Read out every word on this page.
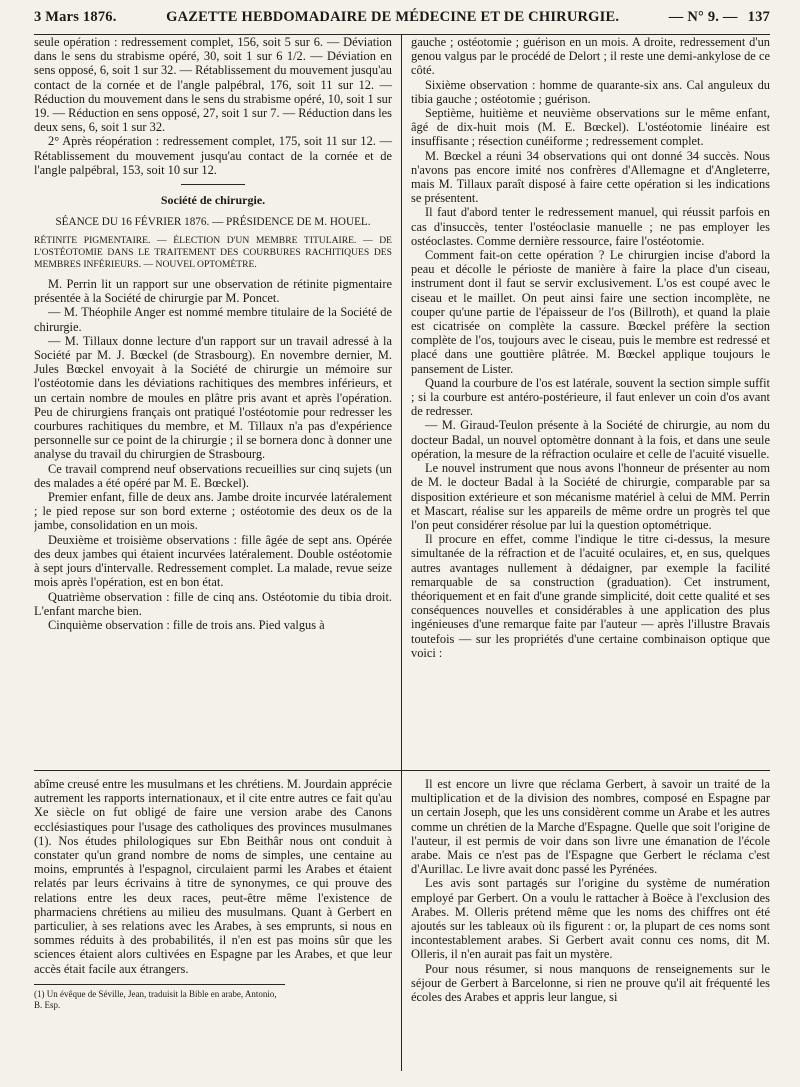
3 Mars 1876.	GAZETTE HEBDOMADAIRE DE MÉDECINE ET DE CHIRURGIE.	— N° 9. — 137

seule opération : redressement complet, 156, soit 5 sur 6. — Déviation dans le sens du strabisme opéré, 30, soit 1 sur 6 1/2. — Déviation en sens opposé, 6, soit 1 sur 32. — Rétablissement du mouvement jusqu'au contact de la cornée et de l'angle palpébral, 176, soit 11 sur 12. — Réduction du mouvement dans le sens du strabisme opéré, 10, soit 1 sur 19. — Réduction en sens opposé, 27, soit 1 sur 7. — Réduction dans les deux sens, 6, soit 1 sur 32.

2° Après réopération : redressement complet, 175, soit 11 sur 12. — Rétablissement du mouvement jusqu'au contact de la cornée et de l'angle palpébral, 153, soit 10 sur 12.

Société de chirurgie.
SÉANCE DU 16 FÉVRIER 1876. — PRÉSIDENCE DE M. HOUEL.
RÉTINITE PIGMENTAIRE. — ÉLECTION D'UN MEMBRE TITULAIRE. — DE L'OSTÉOTOMIE DANS LE TRAITEMENT DES COURBURES RACHITIQUES DES MEMBRES INFÉRIEURS. — NOUVEL OPTOMÈTRE.

M. Perrin lit un rapport sur une observation de rétinite pigmentaire présentée à la Société de chirurgie par M. Poncet.

— M. Théophile Anger est nommé membre titulaire de la Société de chirurgie.

— M. Tillaux donne lecture d'un rapport sur un travail adressé à la Société par M. J. Bœckel (de Strasbourg). En novembre dernier, M. Jules Bœckel envoyait à la Société de chirurgie un mémoire sur l'ostéotomie dans les déviations rachitiques des membres inférieurs, et un certain nombre de moules en plâtre pris avant et après l'opération. Peu de chirurgiens français ont pratiqué l'ostéotomie pour redresser les courbures rachitiques du membre, et M. Tillaux n'a pas d'expérience personnelle sur ce point de la chirurgie ; il se bornera donc à donner une analyse du travail du chirurgien de Strasbourg.

Ce travail comprend neuf observations recueillies sur cinq sujets (un des malades a été opéré par M. E. Bœckel).

Premier enfant, fille de deux ans. Jambe droite incurvée latéralement ; le pied repose sur son bord externe ; ostéotomie des deux os de la jambe, consolidation en un mois.

Deuxième et troisième observations : fille âgée de sept ans. Opérée des deux jambes qui étaient incurvées latéralement. Double ostéotomie à sept jours d'intervalle. Redressement complet. La malade, revue seize mois après l'opération, est en bon état.

Quatrième observation : fille de cinq ans. Ostéotomie du tibia droit. L'enfant marche bien.

Cinquième observation : fille de trois ans. Pied valgus à

gauche ; ostéotomie ; guérison en un mois. A droite, redressement d'un genou valgus par le procédé de Delort ; il reste une demi-ankylose de ce côté.

Sixième observation : homme de quarante-six ans. Cal anguleux du tibia gauche ; ostéotomie ; guérison.

Septième, huitième et neuvième observations sur le même enfant, âgé de dix-huit mois (M. E. Bœckel). L'ostéotomie linéaire est insuffisante ; résection cunéiforme ; redressement complet.

M. Bœckel a réuni 34 observations qui ont donné 34 succès. Nous n'avons pas encore imité nos confrères d'Allemagne et d'Angleterre, mais M. Tillaux paraît disposé à faire cette opération si les indications se présentent.

Il faut d'abord tenter le redressement manuel, qui réussit parfois en cas d'insuccès, tenter l'ostéoclasie manuelle ; ne pas employer les ostéoclastes. Comme dernière ressource, faire l'ostéotomie.

Comment fait-on cette opération ? Le chirurgien incise d'abord la peau et décolle le périoste de manière à faire la place d'un ciseau, instrument dont il faut se servir exclusivement. L'os est coupé avec le ciseau et le maillet. On peut ainsi faire une section incomplète, ne couper qu'une partie de l'épaisseur de l'os (Billroth), et quand la plaie est cicatrisée on complète la cassure. Bœckel préfère la section complète de l'os, toujours avec le ciseau, puis le membre est redressé et placé dans une gouttière plâtrée. M. Bœckel applique toujours le pansement de Lister.

Quand la courbure de l'os est latérale, souvent la section simple suffit ; si la courbure est antéro-postérieure, il faut enlever un coin d'os avant de redresser.

— M. Giraud-Teulon présente à la Société de chirurgie, au nom du docteur Badal, un nouvel optomètre donnant à la fois, et dans une seule opération, la mesure de la réfraction oculaire et celle de l'acuité visuelle.

Le nouvel instrument que nous avons l'honneur de présenter au nom de M. le docteur Badal à la Société de chirurgie, comparable par sa disposition extérieure et son mécanisme matériel à celui de MM. Perrin et Mascart, réalise sur les appareils de même ordre un progrès tel que l'on peut considérer résolue par lui la question optométrique.

Il procure en effet, comme l'indique le titre ci-dessus, la mesure simultanée de la réfraction et de l'acuité oculaires, et, en sus, quelques autres avantages nullement à dédaigner, par exemple la facilité remarquable de sa construction (graduation). Cet instrument, théoriquement et en fait d'une grande simplicité, doit cette qualité et ses conséquences nouvelles et considérables à une application des plus ingénieuses d'une remarque faite par l'auteur — après l'illustre Bravais toutefois — sur les propriétés d'une certaine combinaison optique que voici :

abîme creusé entre les musulmans et les chrétiens. M. Jourdain apprécie autrement les rapports internationaux, et il cite entre autres ce fait qu'au Xe siècle on fut obligé de faire une version arabe des Canons ecclésiastiques pour l'usage des catholiques des provinces musulmanes (1). Nos études philologiques sur Ebn Beithâr nous ont conduit à constater qu'un grand nombre de noms de simples, une centaine au moins, empruntés à l'espagnol, circulaient parmi les Arabes et étaient relatés par leurs écrivains à titre de synonymes, ce qui prouve des relations entre les deux races, peut-être même l'existence de pharmaciens chrétiens au milieu des musulmans. Quant à Gerbert en particulier, à ses relations avec les Arabes, à ses emprunts, si nous en sommes réduits à des probabilités, il n'en est pas moins sûr que les sciences étaient alors cultivées en Espagne par les Arabes, et que leur accès était facile aux étrangers.

(1) Un évêque de Séville, Jean, traduisit la Bible en arabe, Antonio, B. Esp.

Il est encore un livre que réclama Gerbert, à savoir un traité de la multiplication et de la division des nombres, composé en Espagne par un certain Joseph, que les uns considèrent comme un Arabe et les autres comme un chrétien de la Marche d'Espagne. Quelle que soit l'origine de l'auteur, il est permis de voir dans son livre une émanation de l'école arabe. Mais ce n'est pas de l'Espagne que Gerbert le réclama c'est d'Aurillac. Le livre avait donc passé les Pyrénées.

Les avis sont partagés sur l'origine du système de numération employé par Gerbert. On a voulu le rattacher à Boëce à l'exclusion des Arabes. M. Olleris prétend même que les noms des chiffres ont été ajoutés sur les tableaux où ils figurent : or, la plupart de ces noms sont incontestablement arabes. Si Gerbert avait connu ces noms, dit M. Olleris, il n'en aurait pas fait un mystère.

Pour nous résumer, si nous manquons de renseignements sur le séjour de Gerbert à Barcelonne, si rien ne prouve qu'il ait fréquenté les écoles des Arabes et appris leur langue, si
